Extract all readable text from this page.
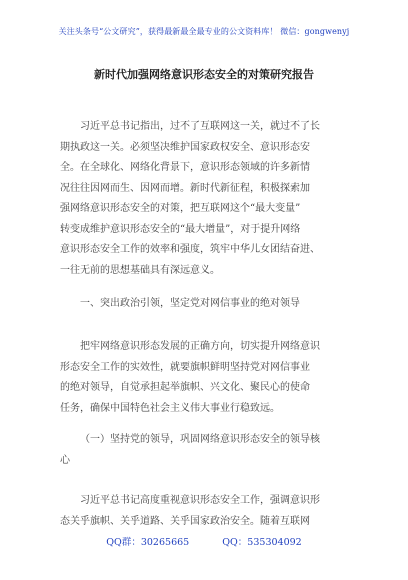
关注头条号“公文研究”，获得最新最全最专业的公文资料库！ 微信：gongwenyj
新时代加强网络意识形态安全的对策研究报告

习近平总书记指出，过不了互联网这一关，就过不了长
期执政这一关。必须坚决维护国家政权安全、意识形态安
全。在全球化、网络化背景下，意识形态领域的许多新情
况往往因网而生、因网而增。新时代新征程，积极探索加
强网络意识形态安全的对策，把互联网这个“最大变量”
转变成维护意识形态安全的“最大增量”，对于提升网络
意识形态安全工作的效率和强度，筑牢中华儿女团结奋进、
一往无前的思想基础具有深远意义。

一、突出政治引领，坚定党对网信事业的绝对领导

把牢网络意识形态发展的正确方向，切实提升网络意识
形态安全工作的实效性，就要旗帜鲜明坚持党对网信事业
的绝对领导，自觉承担起举旗帜、兴文化、聚民心的使命
任务，确保中国特色社会主义伟大事业行稳致远。

（一）坚持党的领导，巩固网络意识形态安全的领导核
心

习近平总书记高度重视意识形态安全工作，强调意识形
态关乎旗帜、关乎道路、关乎国家政治安全。随着互联网

QQ群：30265665	QQ：535304092
